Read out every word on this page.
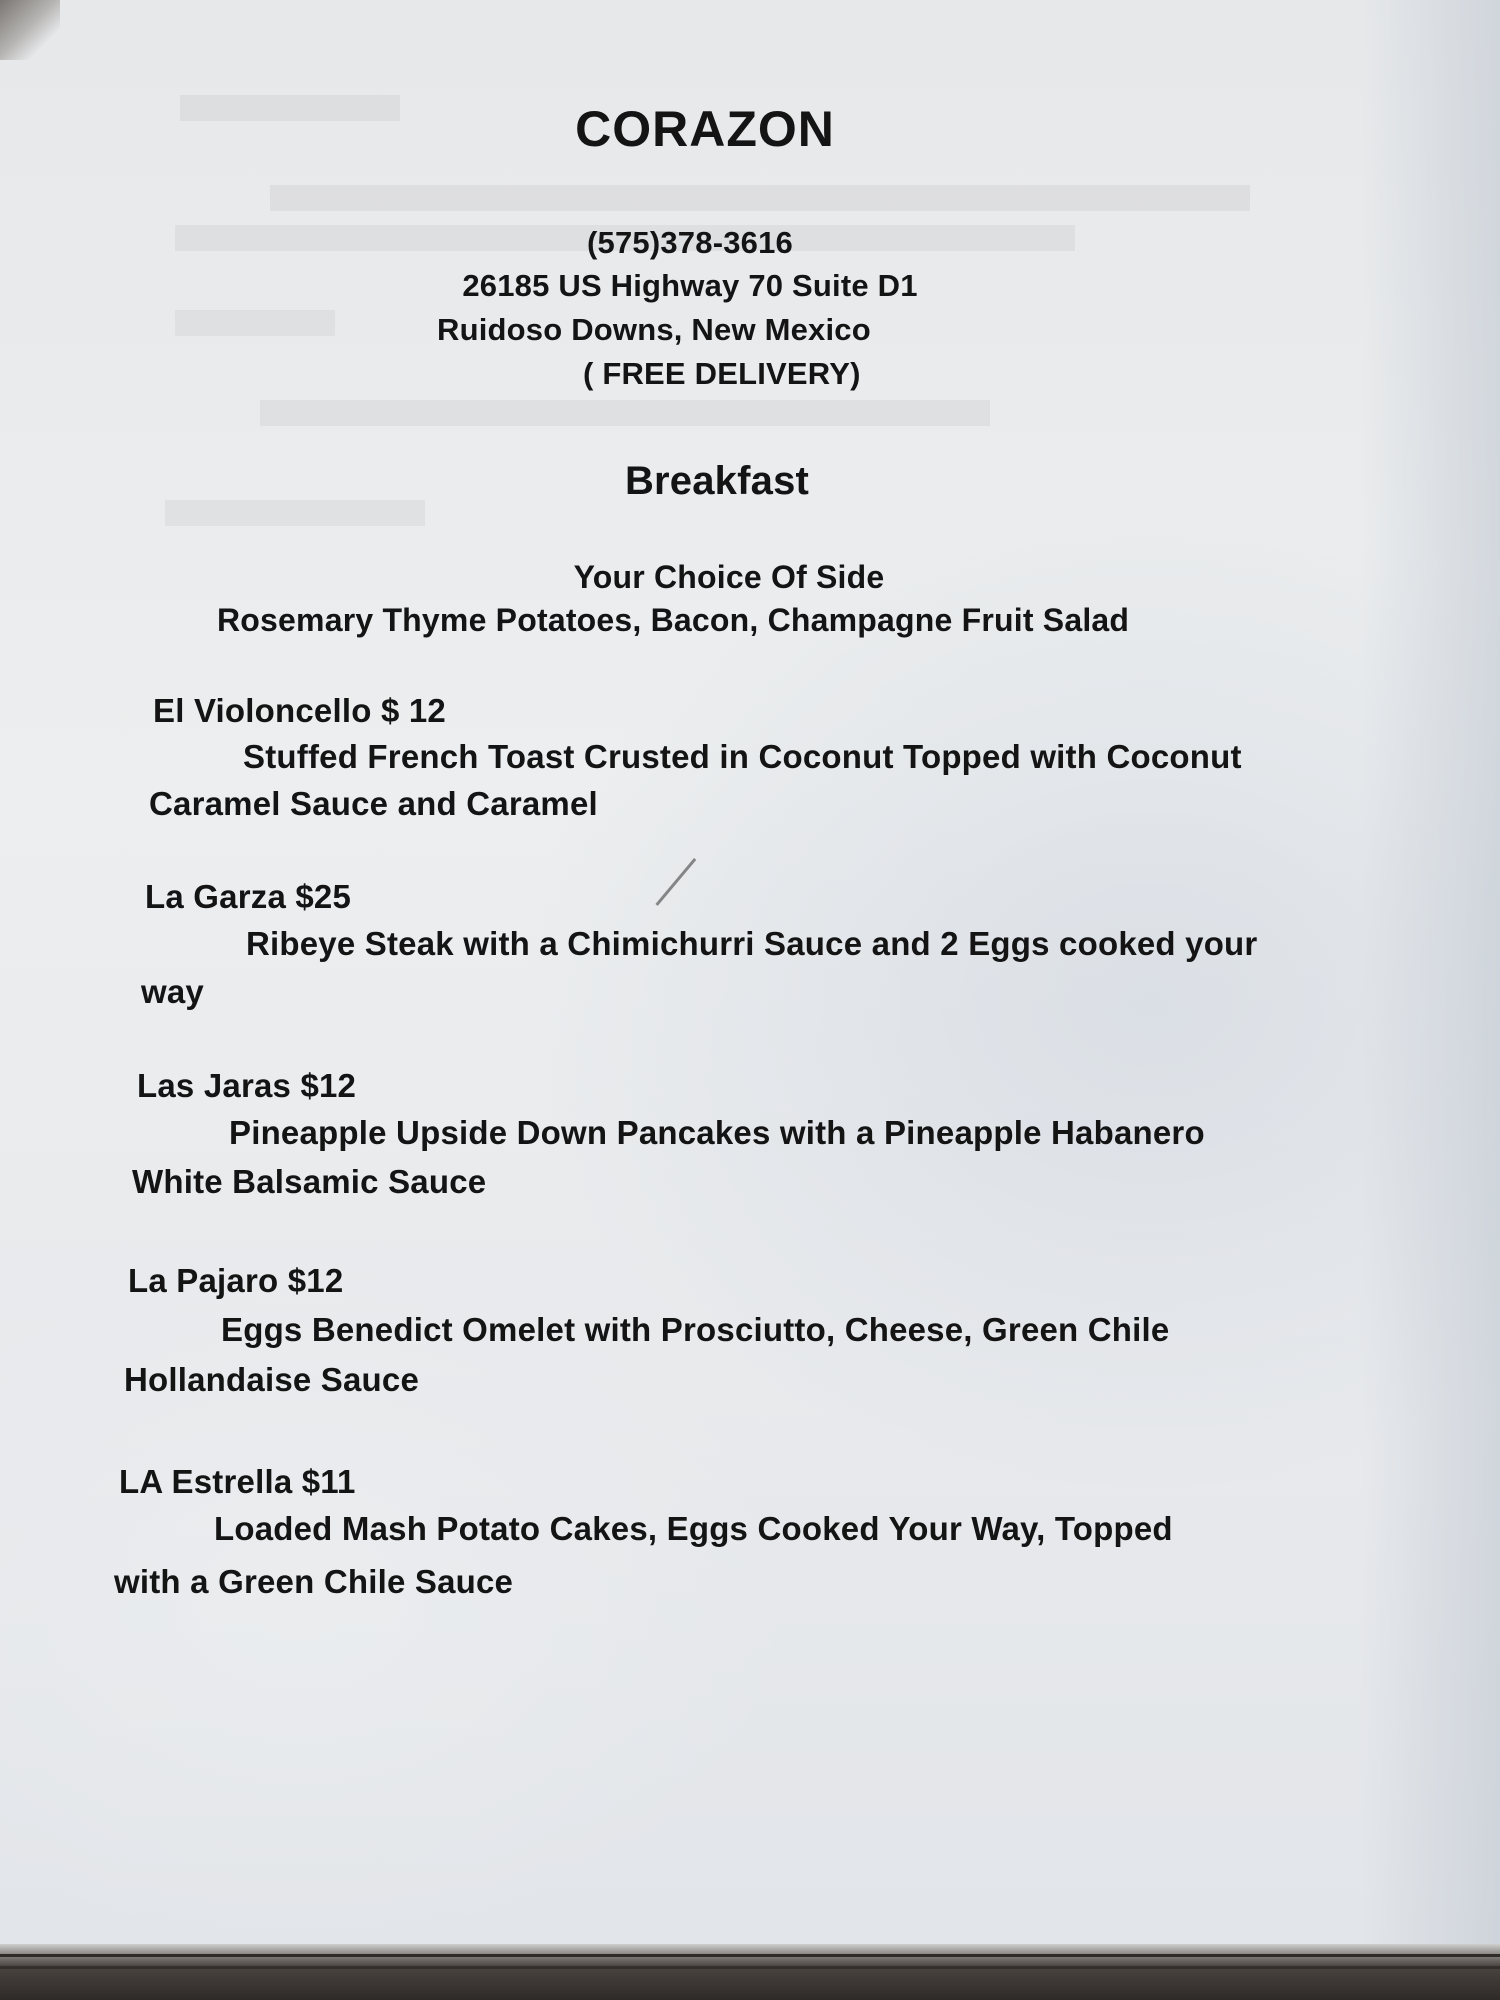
CORAZON
(575)378-3616
26185 US Highway 70 Suite D1
Ruidoso Downs, New Mexico
( FREE DELIVERY)
Breakfast
Your Choice Of Side
Rosemary Thyme Potatoes, Bacon, Champagne Fruit Salad
El Violoncello $ 12
Stuffed French Toast Crusted in Coconut Topped with Coconut
Caramel Sauce and Caramel
La Garza $25
Ribeye Steak with a Chimichurri Sauce and 2 Eggs cooked your
way
Las Jaras $12
Pineapple Upside Down Pancakes with a Pineapple Habanero
White Balsamic Sauce
La Pajaro $12
Eggs Benedict Omelet with Prosciutto, Cheese, Green Chile
Hollandaise Sauce
LA Estrella $11
Loaded Mash Potato Cakes, Eggs Cooked Your Way, Topped
with a Green Chile Sauce
